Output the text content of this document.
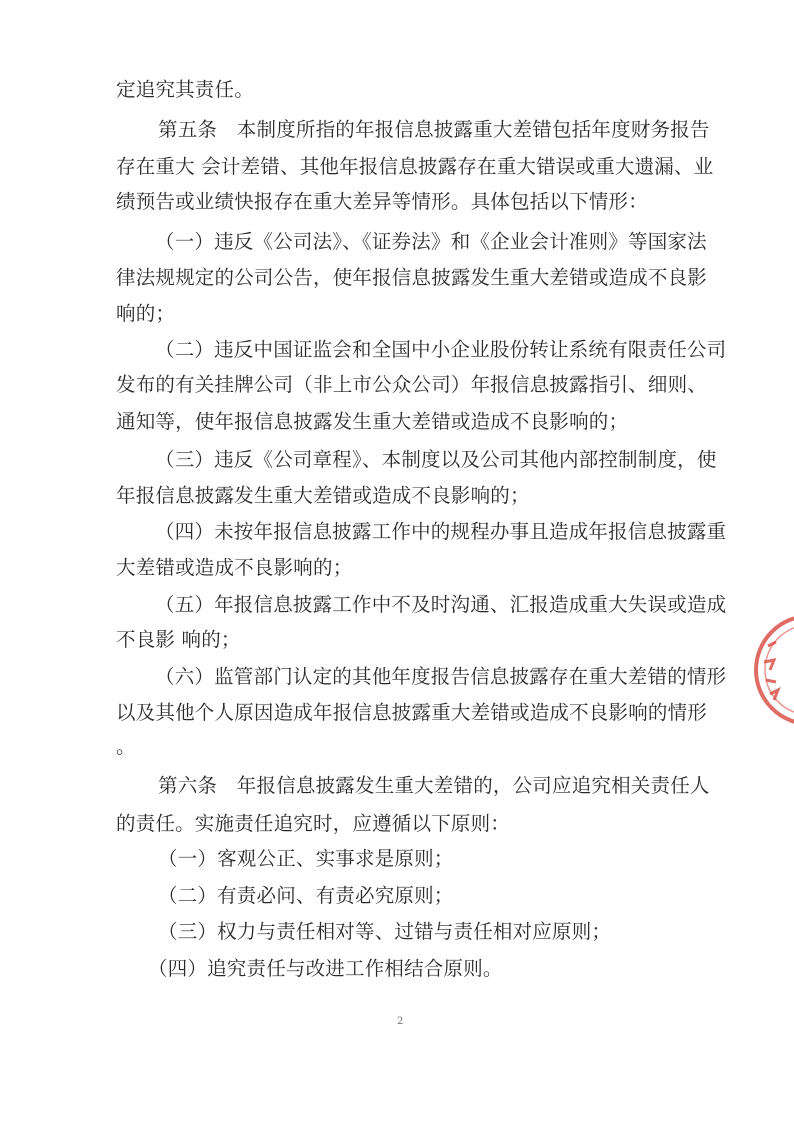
定追究其责任。
第五条　本制度所指的年报信息披露重大差错包括年度财务报告
存在重大 会计差错、其他年报信息披露存在重大错误或重大遗漏、业
绩预告或业绩快报存在重大差异等情形。具体包括以下情形：
（一）违反《公司法》、《证券法》和《企业会计准则》等国家法
律法规规定的公司公告，使年报信息披露发生重大差错或造成不良影
响的；
（二）违反中国证监会和全国中小企业股份转让系统有限责任公司
发布的有关挂牌公司（非上市公众公司）年报信息披露指引、细则、
通知等，使年报信息披露发生重大差错或造成不良影响的；
（三）违反《公司章程》、本制度以及公司其他内部控制制度，使
年报信息披露发生重大差错或造成不良影响的；
（四）未按年报信息披露工作中的规程办事且造成年报信息披露重
大差错或造成不良影响的；
（五）年报信息披露工作中不及时沟通、汇报造成重大失误或造成
不良影 响的；
（六）监管部门认定的其他年度报告信息披露存在重大差错的情形
以及其他个人原因造成年报信息披露重大差错或造成不良影响的情形
。
第六条　年报信息披露发生重大差错的，公司应追究相关责任人
的责任。实施责任追究时，应遵循以下原则：
（一）客观公正、实事求是原则；
（二）有责必问、有责必究原则；
（三）权力与责任相对等、过错与责任相对应原则；
（四）追究责任与改进工作相结合原则。
2
